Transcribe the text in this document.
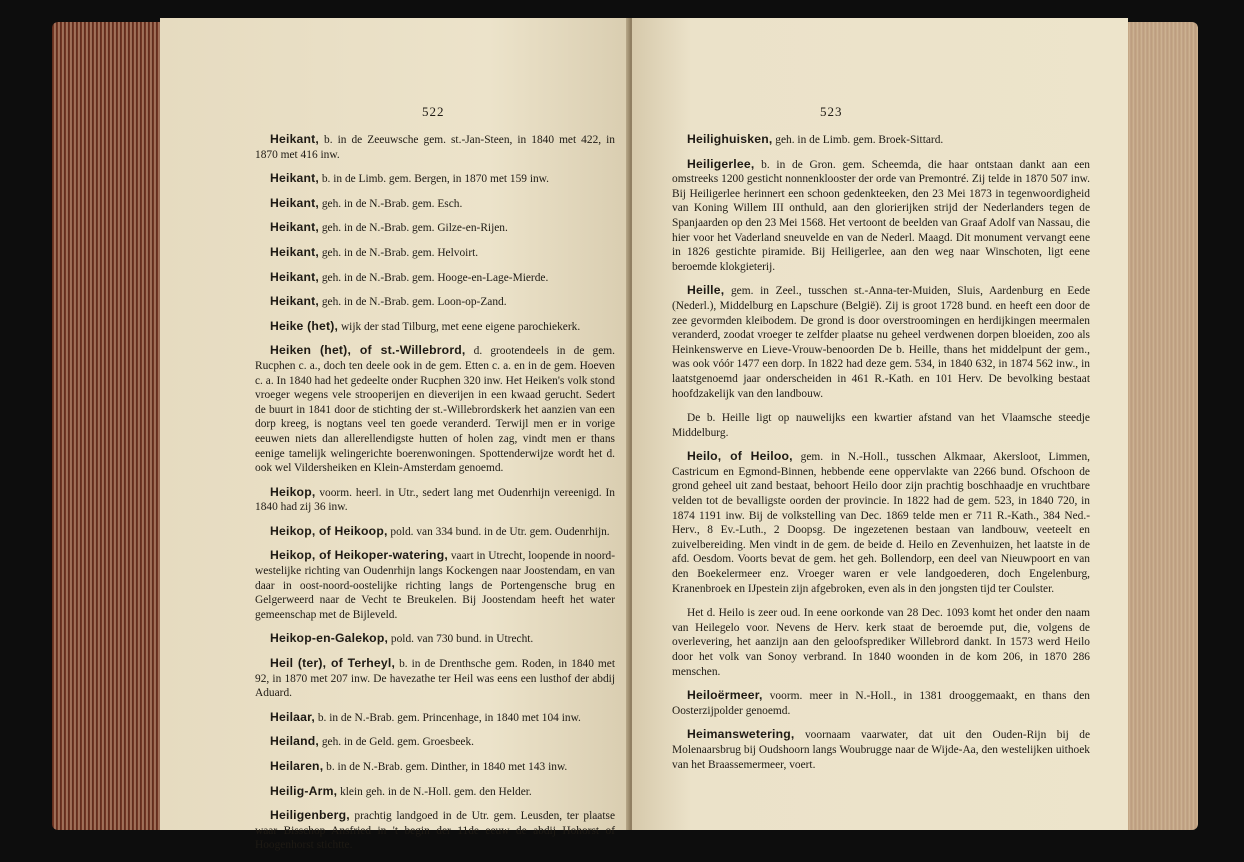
522

Heikant, b. in de Zeeuwsche gem. st.-Jan-Steen, in 1840 met 422, in 1870 met 416 inw.

Heikant, b. in de Limb. gem. Bergen, in 1870 met 159 inw.

Heikant, geh. in de N.-Brab. gem. Esch.

Heikant, geh. in de N.-Brab. gem. Gilze-en-Rijen.

Heikant, geh. in de N.-Brab. gem. Helvoirt.

Heikant, geh. in de N.-Brab. gem. Hooge-en-Lage-Mierde.

Heikant, geh. in de N.-Brab. gem. Loon-op-Zand.

Heike (het), wijk der stad Tilburg, met eene eigene parochiekerk.

Heiken (het), of st.-Willebrord, d. grootendeels in de gem. Rucphen c. a., doch ten deele ook in de gem. Etten c. a. en in de gem. Hoeven c. a. In 1840 had het gedeelte onder Rucphen 320 inw. Het Heiken's volk stond vroeger wegens vele strooperijen en dieverijen in een kwaad gerucht. Sedert de buurt in 1841 door de stichting der st.-Willebrordskerk het aanzien van een dorp kreeg, is nogtans veel ten goede veranderd. Terwijl men er in vorige eeuwen niets dan allerellendigste hutten of holen zag, vindt men er thans eenige tamelijk welingerichte boerenwoningen. Spottenderwijze wordt het d. ook wel Vildersheiken en Klein-Amsterdam genoemd.

Heikop, voorm. heerl. in Utr., sedert lang met Oudenrhijn vereenigd. In 1840 had zij 36 inw.

Heikop, of Heikoop, pold. van 334 bund. in de Utr. gem. Oudenrhijn.

Heikop, of Heikoper-watering, vaart in Utrecht, loopende in noord-westelijke richting van Oudenrhijn langs Kockengen naar Joostendam, en van daar in oost-noord-oostelijke richting langs de Portengensche brug en Gelgerweerd naar de Vecht te Breukelen. Bij Joostendam heeft het water gemeenschap met de Bijleveld.

Heikop-en-Galekop, pold. van 730 bund. in Utrecht.

Heil (ter), of Terheyl, b. in de Drenthsche gem. Roden, in 1840 met 92, in 1870 met 207 inw. De havezathe ter Heil was eens een lusthof der abdij Aduard.

Heilaar, b. in de N.-Brab. gem. Princenhage, in 1840 met 104 inw.

Heiland, geh. in de Geld. gem. Groesbeek.

Heilaren, b. in de N.-Brab. gem. Dinther, in 1840 met 143 inw.

Heilig-Arm, klein geh. in de N.-Holl. gem. den Helder.

Heiligenberg, prachtig landgoed in de Utr. gem. Leusden, ter plaatse waar Bisschop Ansfried in 't begin der 11de eeuw de abdij Hohorst of Hoogenhorst stichtte.

523

Heilighuisken, geh. in de Limb. gem. Broek-Sittard.

Heiligerlee, b. in de Gron. gem. Scheemda, die haar ontstaan dankt aan een omstreeks 1200 gesticht nonnenklooster der orde van Premontré. Zij telde in 1870 507 inw. Bij Heiligerlee herinnert een schoon gedenkteeken, den 23 Mei 1873 in tegenwoordigheid van Koning Willem III onthuld, aan den glorierijken strijd der Nederlanders tegen de Spanjaarden op den 23 Mei 1568. Het vertoont de beelden van Graaf Adolf van Nassau, die hier voor het Vaderland sneuvelde en van de Nederl. Maagd. Dit monument vervangt eene in 1826 gestichte piramide. Bij Heiligerlee, aan den weg naar Winschoten, ligt eene beroemde klokgieterij.

Heille, gem. in Zeel., tusschen st.-Anna-ter-Muiden, Sluis, Aardenburg en Eede (Nederl.), Middelburg en Lapschure (België). Zij is groot 1728 bund. en heeft een door de zee gevormden kleibodem. De grond is door overstroomingen en herdijkingen meermalen veranderd, zoodat vroeger te zelfder plaatse nu geheel verdwenen dorpen bloeiden, zoo als Heinkenswerve en Lieve-Vrouw-benoorden De b. Heille, thans het middelpunt der gem., was ook vóór 1477 een dorp. In 1822 had deze gem. 534, in 1840 632, in 1874 562 inw., in laatstgenoemd jaar onderscheiden in 461 R.-Kath. en 101 Herv. De bevolking bestaat hoofdzakelijk van den landbouw.

De b. Heille ligt op nauwelijks een kwartier afstand van het Vlaamsche steedje Middelburg.

Heilo, of Heiloo, gem. in N.-Holl., tusschen Alkmaar, Akersloot, Limmen, Castricum en Egmond-Binnen, hebbende eene oppervlakte van 2266 bund. Ofschoon de grond geheel uit zand bestaat, behoort Heilo door zijn prachtig boschhaadje en vruchtbare velden tot de bevalligste oorden der provincie. In 1822 had de gem. 523, in 1840 720, in 1874 1191 inw. Bij de volkstelling van Dec. 1869 telde men er 711 R.-Kath., 384 Ned.-Herv., 8 Ev.-Luth., 2 Doopsg. De ingezetenen bestaan van landbouw, veeteelt en zuivelbereiding. Men vindt in de gem. de beide d. Heilo en Zevenhuizen, het laatste in de afd. Oesdom. Voorts bevat de gem. het geh. Bollendorp, een deel van Nieuwpoort en van den Boekelermeer enz. Vroeger waren er vele landgoederen, doch Engelenburg, Kranenbroek en IJpestein zijn afgebroken, even als in den jongsten tijd ter Coulster.

Het d. Heilo is zeer oud. In eene oorkonde van 28 Dec. 1093 komt het onder den naam van Heilegelo voor. Nevens de Herv. kerk staat de beroemde put, die, volgens de overlevering, het aanzijn aan den geloofsprediker Willebrord dankt. In 1573 werd Heilo door het volk van Sonoy verbrand. In 1840 woonden in de kom 206, in 1870 286 menschen.

Heiloërmeer, voorm. meer in N.-Holl., in 1381 drooggemaakt, en thans den Oosterzijpolder genoemd.

Heimanswetering, voornaam vaarwater, dat uit den Ouden-Rijn bij de Molenaarsbrug bij Oudshoorn langs Woubrugge naar de Wijde-Aa, den westelijken uithoek van het Braassemermeer, voert.
